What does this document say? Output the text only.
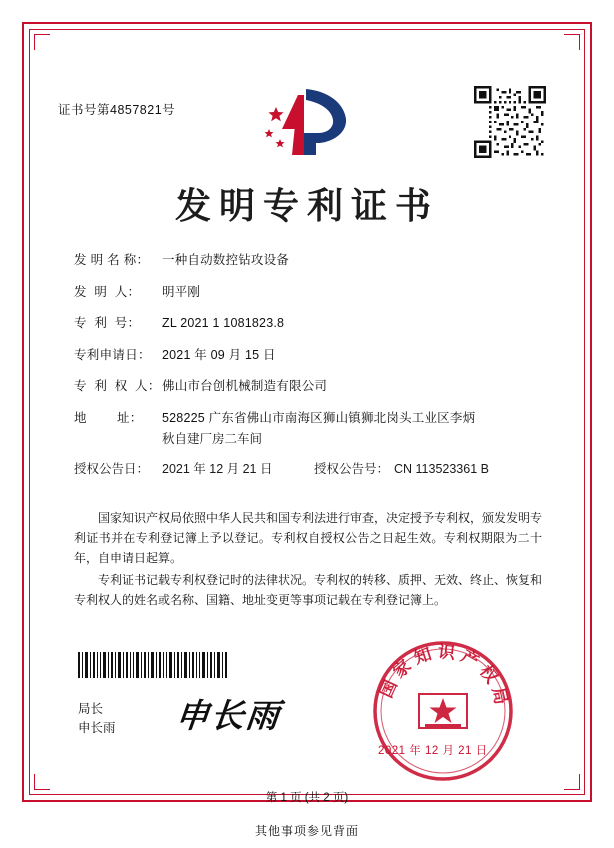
证书号第4857821号
发明专利证书
发 明 名 称：	一种自动数控钻攻设备
发  明  人：	明平刚
专  利  号：	ZL 2021 1 1081823.8
专利申请日： 2021 年 09 月 15 日
专  利  权  人： 佛山市台创机械制造有限公司
地        址：	528225 广东省佛山市南海区狮山镇狮北岗头工业区李炳
秋自建厂房二车间
授权公告日：	2021 年 12 月 21 日	授权公告号： CN 113523361 B

国家知识产权局依照中华人民共和国专利法进行审查，决定授予专利权，颁发发明专利证书并在专利登记簿上予以登记。专利权自授权公告之日起生效。专利权期限为二十年，自申请日起算。

专利证书记载专利权登记时的法律状况。专利权的转移、质押、无效、终止、恢复和专利权人的姓名或名称、国籍、地址变更等事项记载在专利登记簿上。

局长
申长雨 申长雨
国家知识产权局
2021 年 12 月 21 日
第 1 页 (共 2 页)
其他事项参见背面
